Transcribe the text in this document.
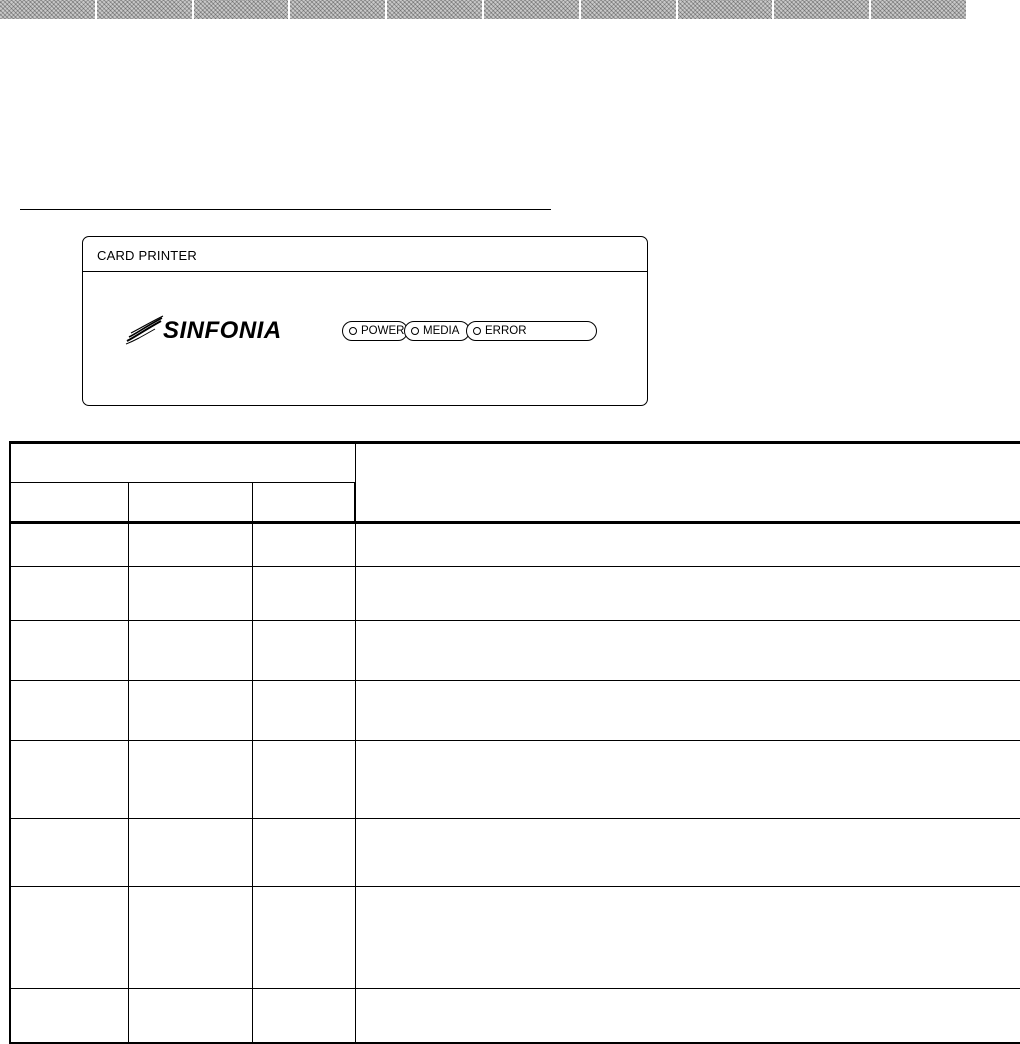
CARD PRINTER
SINFONIA	POWER MEDIA ERROR
